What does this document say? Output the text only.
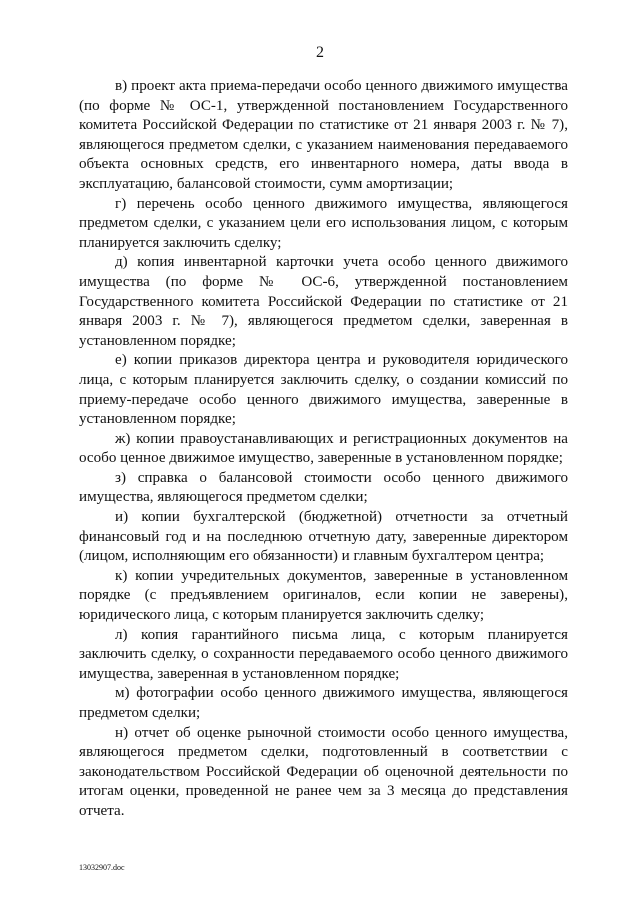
2

в) проект акта приема-передачи особо ценного движимого имущества (по форме № ОС-1, утвержденной постановлением Государственного комитета Российской Федерации по статистике от 21 января 2003 г. № 7), являющегося предметом сделки, с указанием наименования передаваемого объекта основных средств, его инвентарного номера, даты ввода в эксплуатацию, балансовой стоимости, сумм амортизации;

г) перечень особо ценного движимого имущества, являющегося предметом сделки, с указанием цели его использования лицом, с которым планируется заключить сделку;

д) копия инвентарной карточки учета особо ценного движимого имущества (по форме № ОС-6, утвержденной постановлением Государственного комитета Российской Федерации по статистике от 21 января 2003 г. № 7), являющегося предметом сделки, заверенная в установленном порядке;

е) копии приказов директора центра и руководителя юридического лица, с которым планируется заключить сделку, о создании комиссий по приему-передаче особо ценного движимого имущества, заверенные в установленном порядке;

ж) копии правоустанавливающих и регистрационных документов на особо ценное движимое имущество, заверенные в установленном порядке;

з) справка о балансовой стоимости особо ценного движимого имущества, являющегося предметом сделки;

и) копии бухгалтерской (бюджетной) отчетности за отчетный финансовый год и на последнюю отчетную дату, заверенные директором (лицом, исполняющим его обязанности) и главным бухгалтером центра;

к) копии учредительных документов, заверенные в установленном порядке (с предъявлением оригиналов, если копии не заверены), юридического лица, с которым планируется заключить сделку;

л) копия гарантийного письма лица, с которым планируется заключить сделку, о сохранности передаваемого особо ценного движимого имущества, заверенная в установленном порядке;

м) фотографии особо ценного движимого имущества, являющегося предметом сделки;

н) отчет об оценке рыночной стоимости особо ценного имущества, являющегося предметом сделки, подготовленный в соответствии с законодательством Российской Федерации об оценочной деятельности по итогам оценки, проведенной не ранее чем за 3 месяца до представления отчета.

13032907.doc
